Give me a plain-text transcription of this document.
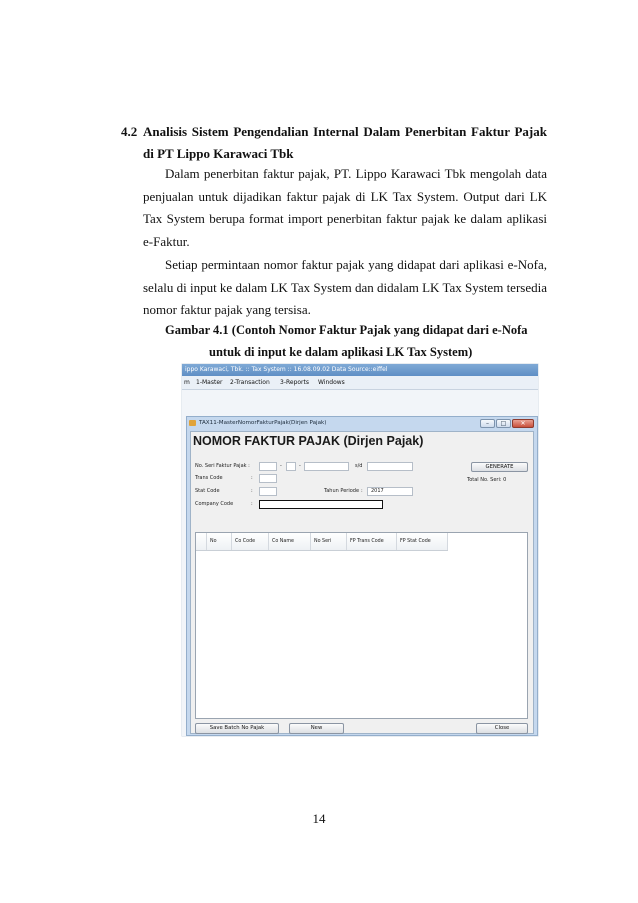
4.2 Analisis Sistem Pengendalian Internal Dalam Penerbitan Faktur Pajak
di PT Lippo Karawaci Tbk

Dalam penerbitan faktur pajak, PT. Lippo Karawaci Tbk mengolah data penjualan untuk dijadikan faktur pajak di LK Tax System. Output dari LK Tax System berupa format import penerbitan faktur pajak ke dalam aplikasi e-Faktur.

Setiap permintaan nomor faktur pajak yang didapat dari aplikasi e-Nofa, selalu di input ke dalam LK Tax System dan didalam LK Tax System tersedia nomor faktur pajak yang tersisa.

Gambar 4.1 (Contoh Nomor Faktur Pajak yang didapat dari e-Nofa
untuk di input ke dalam aplikasi LK Tax System)
14
ippo Karawaci, Tbk. :: Tax System :: 16.08.09.02 Data Source::eiffel
m 1-Master 2-Transaction 3-Reports Windows
TAX11-MasterNomorFakturPajak(Dirjen Pajak)	–	□	✕
NOMOR FAKTUR PAJAK (Dirjen Pajak)
No. Seri Faktur Pajak :	-	-	s/d	GENERATE
Trans Code	:	Total No. Seri: 0
Stat Code	:	Tahun Periode :	2017
Company Code	:
No	Co Code	Co Name	No Seri	FP Trans Code	FP Stat Code
Save Batch No Pajak	New	Close
